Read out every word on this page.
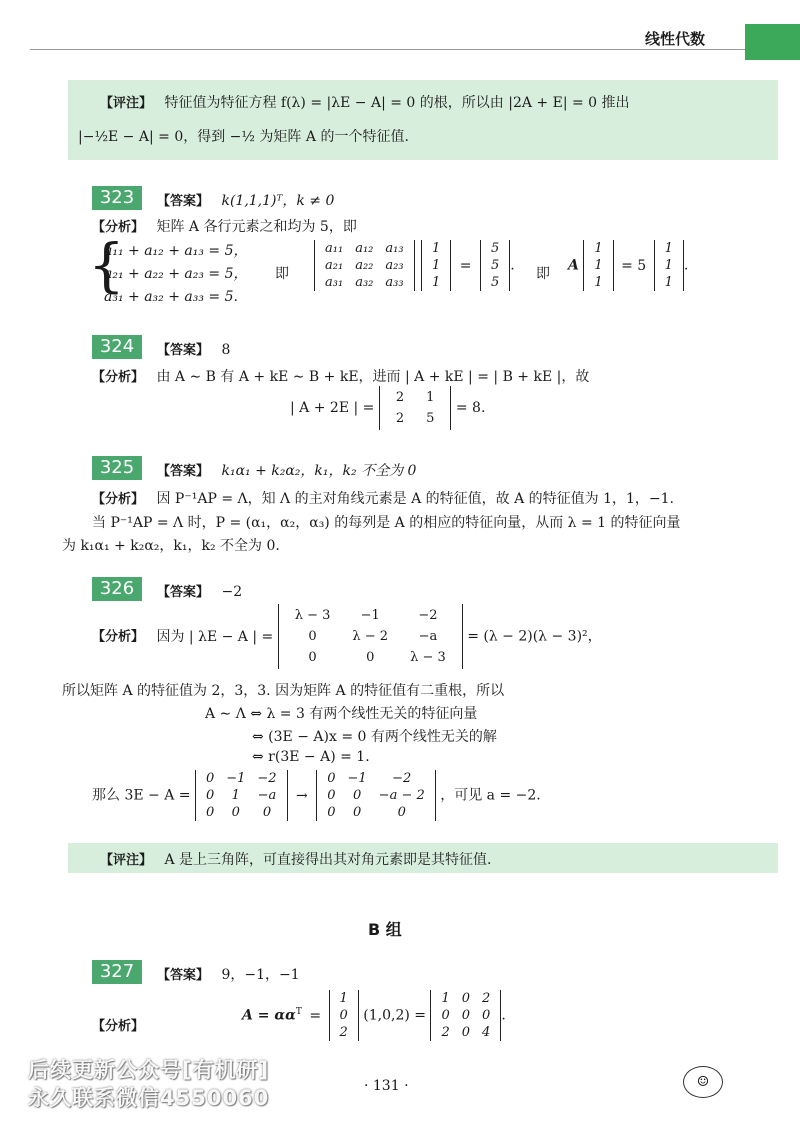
线性代数
【评注】 特征值为特征方程 f(λ) = |λE − A| = 0 的根，所以由 |2A + E| = 0 推出
|−½E − A| = 0，得到 −½ 为矩阵 A 的一个特征值.
323	【答案】 k(1,1,1)ᵀ，k ≠ 0
【分析】 矩阵 A 各行元素之和均为 5，即
{
a₁₁ + a₁₂ + a₁₃ = 5，
a₂₁ + a₂₂ + a₂₃ = 5，
a₃₁ + a₃₂ + a₃₃ = 5.
即
a₁₁	a₁₂	a₁₃
a₂₁	a₂₂	a₂₃
a₃₁	a₃₂	a₃₃

1
1
1
=
5
5
5
.
即
A
1
1
1
= 5
1
1
1
.
324	【答案】 8
【分析】 由 A ∼ B 有 A + kE ∼ B + kE，进而 | A + kE | = | B + kE |，故
| A + 2E | =
2	1
2	5
= 8.
325	【答案】 k₁α₁ + k₂α₂，k₁，k₂ 不全为 0
【分析】 因 P⁻¹AP = Λ，知 Λ 的主对角线元素是 A 的特征值，故 A 的特征值为 1，1，−1.
当 P⁻¹AP = Λ 时，P = (α₁，α₂，α₃) 的每列是 A 的相应的特征向量，从而 λ = 1 的特征向量
为 k₁α₁ + k₂α₂，k₁，k₂ 不全为 0.
326	【答案】 −2
【分析】 因为 | λE − A | =
λ − 3	−1	−2
0	λ − 2	−a
0	0	λ − 3
= (λ − 2)(λ − 3)²，
所以矩阵 A 的特征值为 2，3，3. 因为矩阵 A 的特征值有二重根，所以
A ∼ Λ ⇔ λ = 3 有两个线性无关的特征向量
⇔ (3E − A)x = 0 有两个线性无关的解
⇔ r(3E − A) = 1.
那么 3E − A =
0	−1	−2
0	1	−a
0	0	0
→
0	−1	−2
0	0	−a − 2
0	0	0
，可见 a = −2.
【评注】 A 是上三角阵，可直接得出其对角元素即是其特征值.
B 组
327	【答案】 9，−1，−1
【分析】
$A = \alpha\alpha^T$ =
1
0
2
(1,0,2) =
1	0	2
0	0	0
2	0	4
.
后续更新公众号[有机研]
永久联系微信4550060	· 131 ·	☺
